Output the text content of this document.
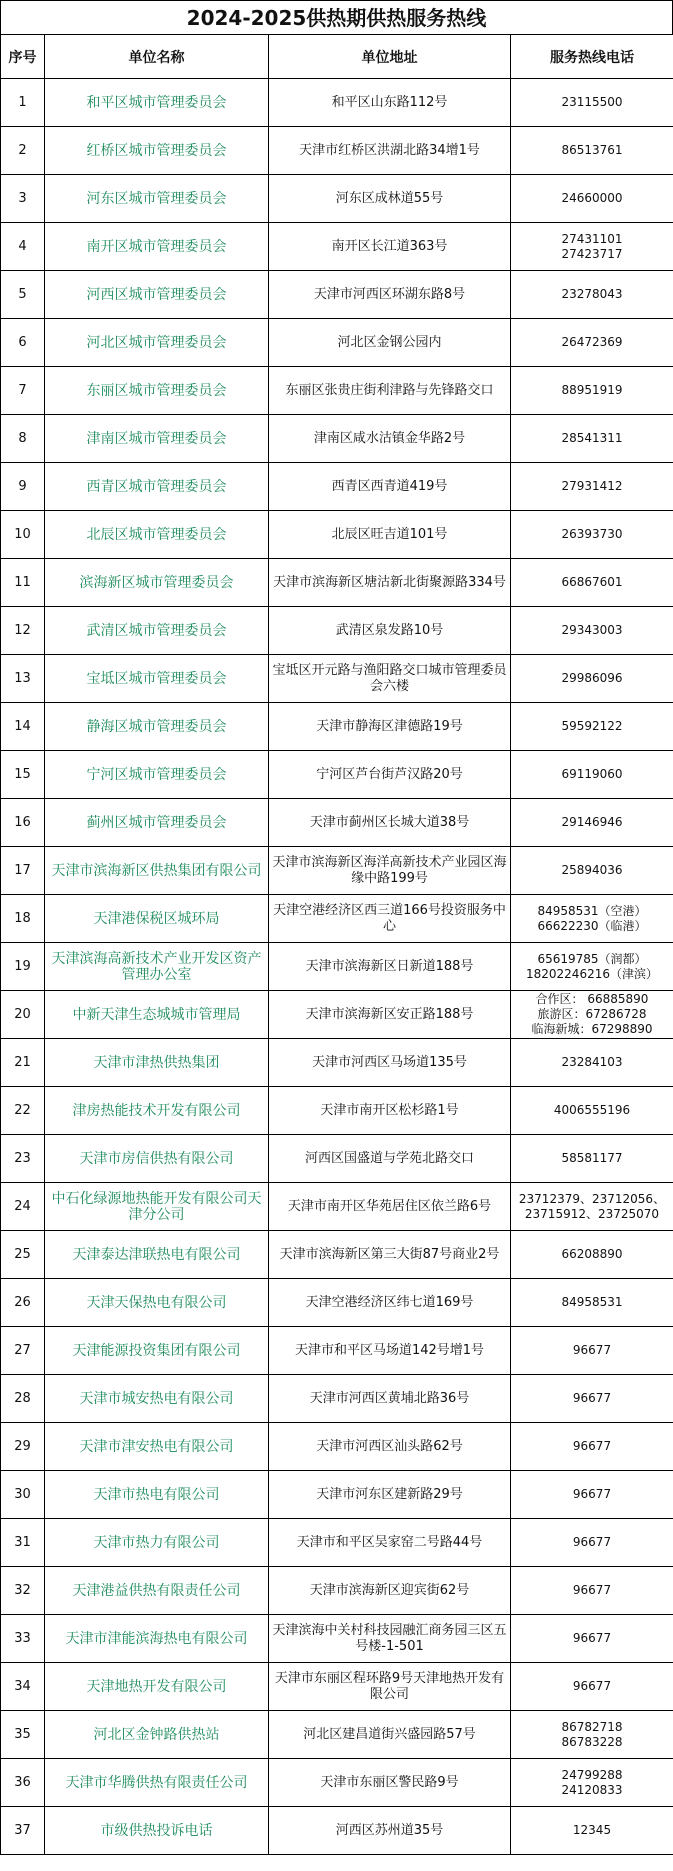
2024-2025供热期供热服务热线
序号	单位名称	单位地址	服务热线电话
1	和平区城市管理委员会	和平区山东路112号	23115500

2	红桥区城市管理委员会	天津市红桥区洪湖北路34增1号	86513761

3	河东区城市管理委员会	河东区成林道55号	24660000

4	南开区城市管理委员会	南开区长江道363号	27431101
27423717

5	河西区城市管理委员会	天津市河西区环湖东路8号	23278043

6	河北区城市管理委员会	河北区金钢公园内	26472369

7	东丽区城市管理委员会	东丽区张贵庄街利津路与先锋路交口	88951919

8	津南区城市管理委员会	津南区咸水沽镇金华路2号	28541311

9	西青区城市管理委员会	西青区西青道419号	27931412

10	北辰区城市管理委员会	北辰区旺吉道101号	26393730

11	滨海新区城市管理委员会	天津市滨海新区塘沽新北街聚源路334号	66867601

12	武清区城市管理委员会	武清区泉发路10号	29343003

13	宝坻区城市管理委员会	宝坻区开元路与渔阳路交口城市管理委员会六楼	29986096

14	静海区城市管理委员会	天津市静海区津德路19号	59592122

15	宁河区城市管理委员会	宁河区芦台街芦汉路20号	69119060

16	蓟州区城市管理委员会	天津市蓟州区长城大道38号	29146946

17	天津市滨海新区供热集团有限公司	天津市滨海新区海洋高新技术产业园区海缘中路199号	25894036

18	天津港保税区城环局	天津空港经济区西三道166号投资服务中心	84958531（空港）
66622230（临港）

19	天津滨海高新技术产业开发区资产管理办公室	天津市滨海新区日新道188号	65619785（润都）
18202246216（津滨）

20	中新天津生态城城市管理局	天津市滨海新区安正路188号	合作区： 66885890
旅游区：67286728
临海新城：67298890

21	天津市津热供热集团	天津市河西区马场道135号	23284103

22	津房热能技术开发有限公司	天津市南开区松杉路1号	4006555196

23	天津市房信供热有限公司	河西区国盛道与学苑北路交口	58581177

24	中石化绿源地热能开发有限公司天津分公司	天津市南开区华苑居住区依兰路6号	23712379、23712056、
23715912、23725070

25	天津泰达津联热电有限公司	天津市滨海新区第三大街87号商业2号	66208890

26	天津天保热电有限公司	天津空港经济区纬七道169号	84958531

27	天津能源投资集团有限公司	天津市和平区马场道142号增1号	96677

28	天津市城安热电有限公司	天津市河西区黄埔北路36号	96677

29	天津市津安热电有限公司	天津市河西区汕头路62号	96677

30	天津市热电有限公司	天津市河东区建新路29号	96677

31	天津市热力有限公司	天津市和平区吴家窑二号路44号	96677

32	天津港益供热有限责任公司	天津市滨海新区迎宾街62号	96677

33	天津市津能滨海热电有限公司	天津滨海中关村科技园融汇商务园三区五号楼-1-501	96677

34	天津地热开发有限公司	天津市东丽区程环路9号天津地热开发有限公司	96677

35	河北区金钟路供热站	河北区建昌道街兴盛园路57号	86782718
86783228

36	天津市华腾供热有限责任公司	天津市东丽区警民路9号	24799288
24120833

37	市级供热投诉电话	河西区苏州道35号	12345
